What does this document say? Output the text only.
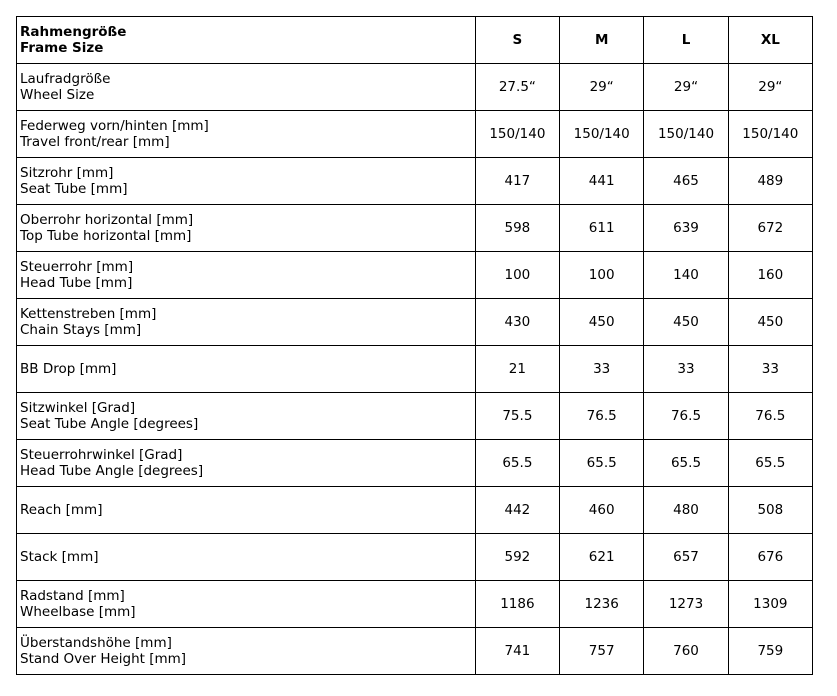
Rahmengröße
Frame Size	S	M	L	XL

Laufradgröße
Wheel Size	27.5“	29“	29“	29“

Federweg vorn/hinten [mm]
Travel front/rear [mm]	150/140	150/140	150/140	150/140

Sitzrohr [mm]
Seat Tube [mm]	417	441	465	489

Oberrohr horizontal [mm]
Top Tube horizontal [mm]	598	611	639	672

Steuerrohr [mm]
Head Tube [mm]	100	100	140	160

Kettenstreben [mm]
Chain Stays [mm]	430	450	450	450

BB Drop [mm]	21	33	33	33

Sitzwinkel [Grad]
Seat Tube Angle [degrees]	75.5	76.5	76.5	76.5

Steuerrohrwinkel [Grad]
Head Tube Angle [degrees]	65.5	65.5	65.5	65.5

Reach [mm]	442	460	480	508

Stack [mm]	592	621	657	676

Radstand [mm]
Wheelbase [mm]	1186	1236	1273	1309

Überstandshöhe [mm]
Stand Over Height [mm]	741	757	760	759
